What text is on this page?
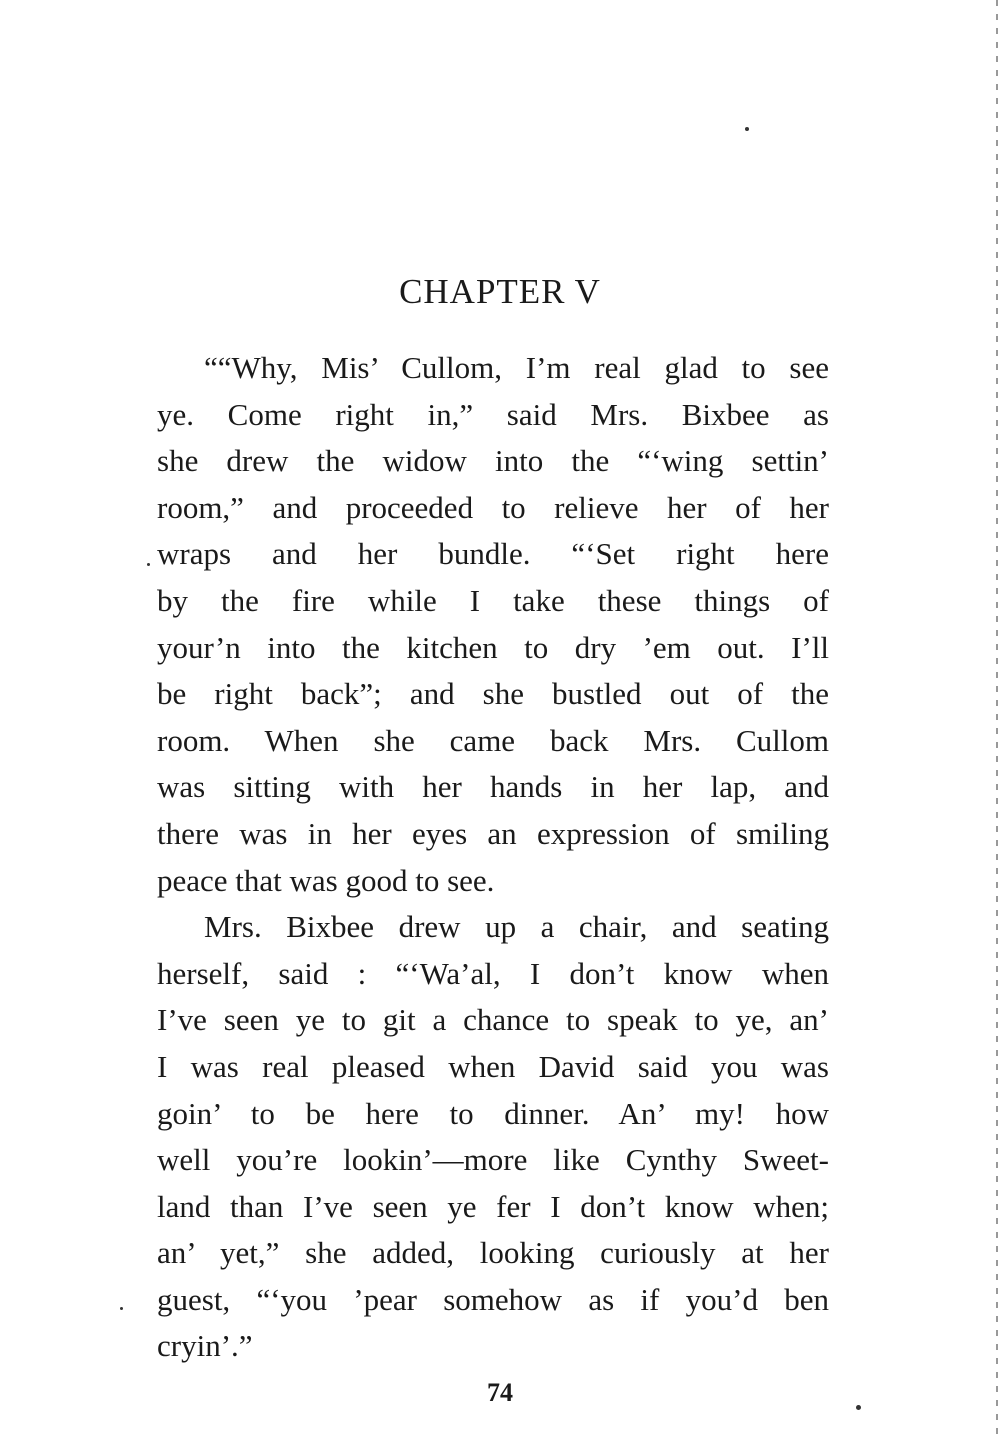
CHAPTER V
““Why, Mis’ Cullom, I’m real glad to see
ye. Come right in,” said Mrs. Bixbee as
she drew the widow into the “‘wing settin’
room,” and proceeded to relieve her of her
wraps and her bundle. “‘Set right here
by the fire while I take these things of
your’n into the kitchen to dry ’em out. I’ll
be right back”; and she bustled out of the
room. When she came back Mrs. Cullom
was sitting with her hands in her lap, and
there was in her eyes an expression of smiling
peace that was good to see.
Mrs. Bixbee drew up a chair, and seating
herself, said : “‘Wa’al, I don’t know when
I’ve seen ye to git a chance to speak to ye, an’
I was real pleased when David said you was
goin’ to be here to dinner. An’ my! how
well you’re lookin’—more like Cynthy Sweet-
land than I’ve seen ye fer I don’t know when;
an’ yet,” she added, looking curiously at her
guest, “‘you ’pear somehow as if you’d ben
cryin’.”
74
